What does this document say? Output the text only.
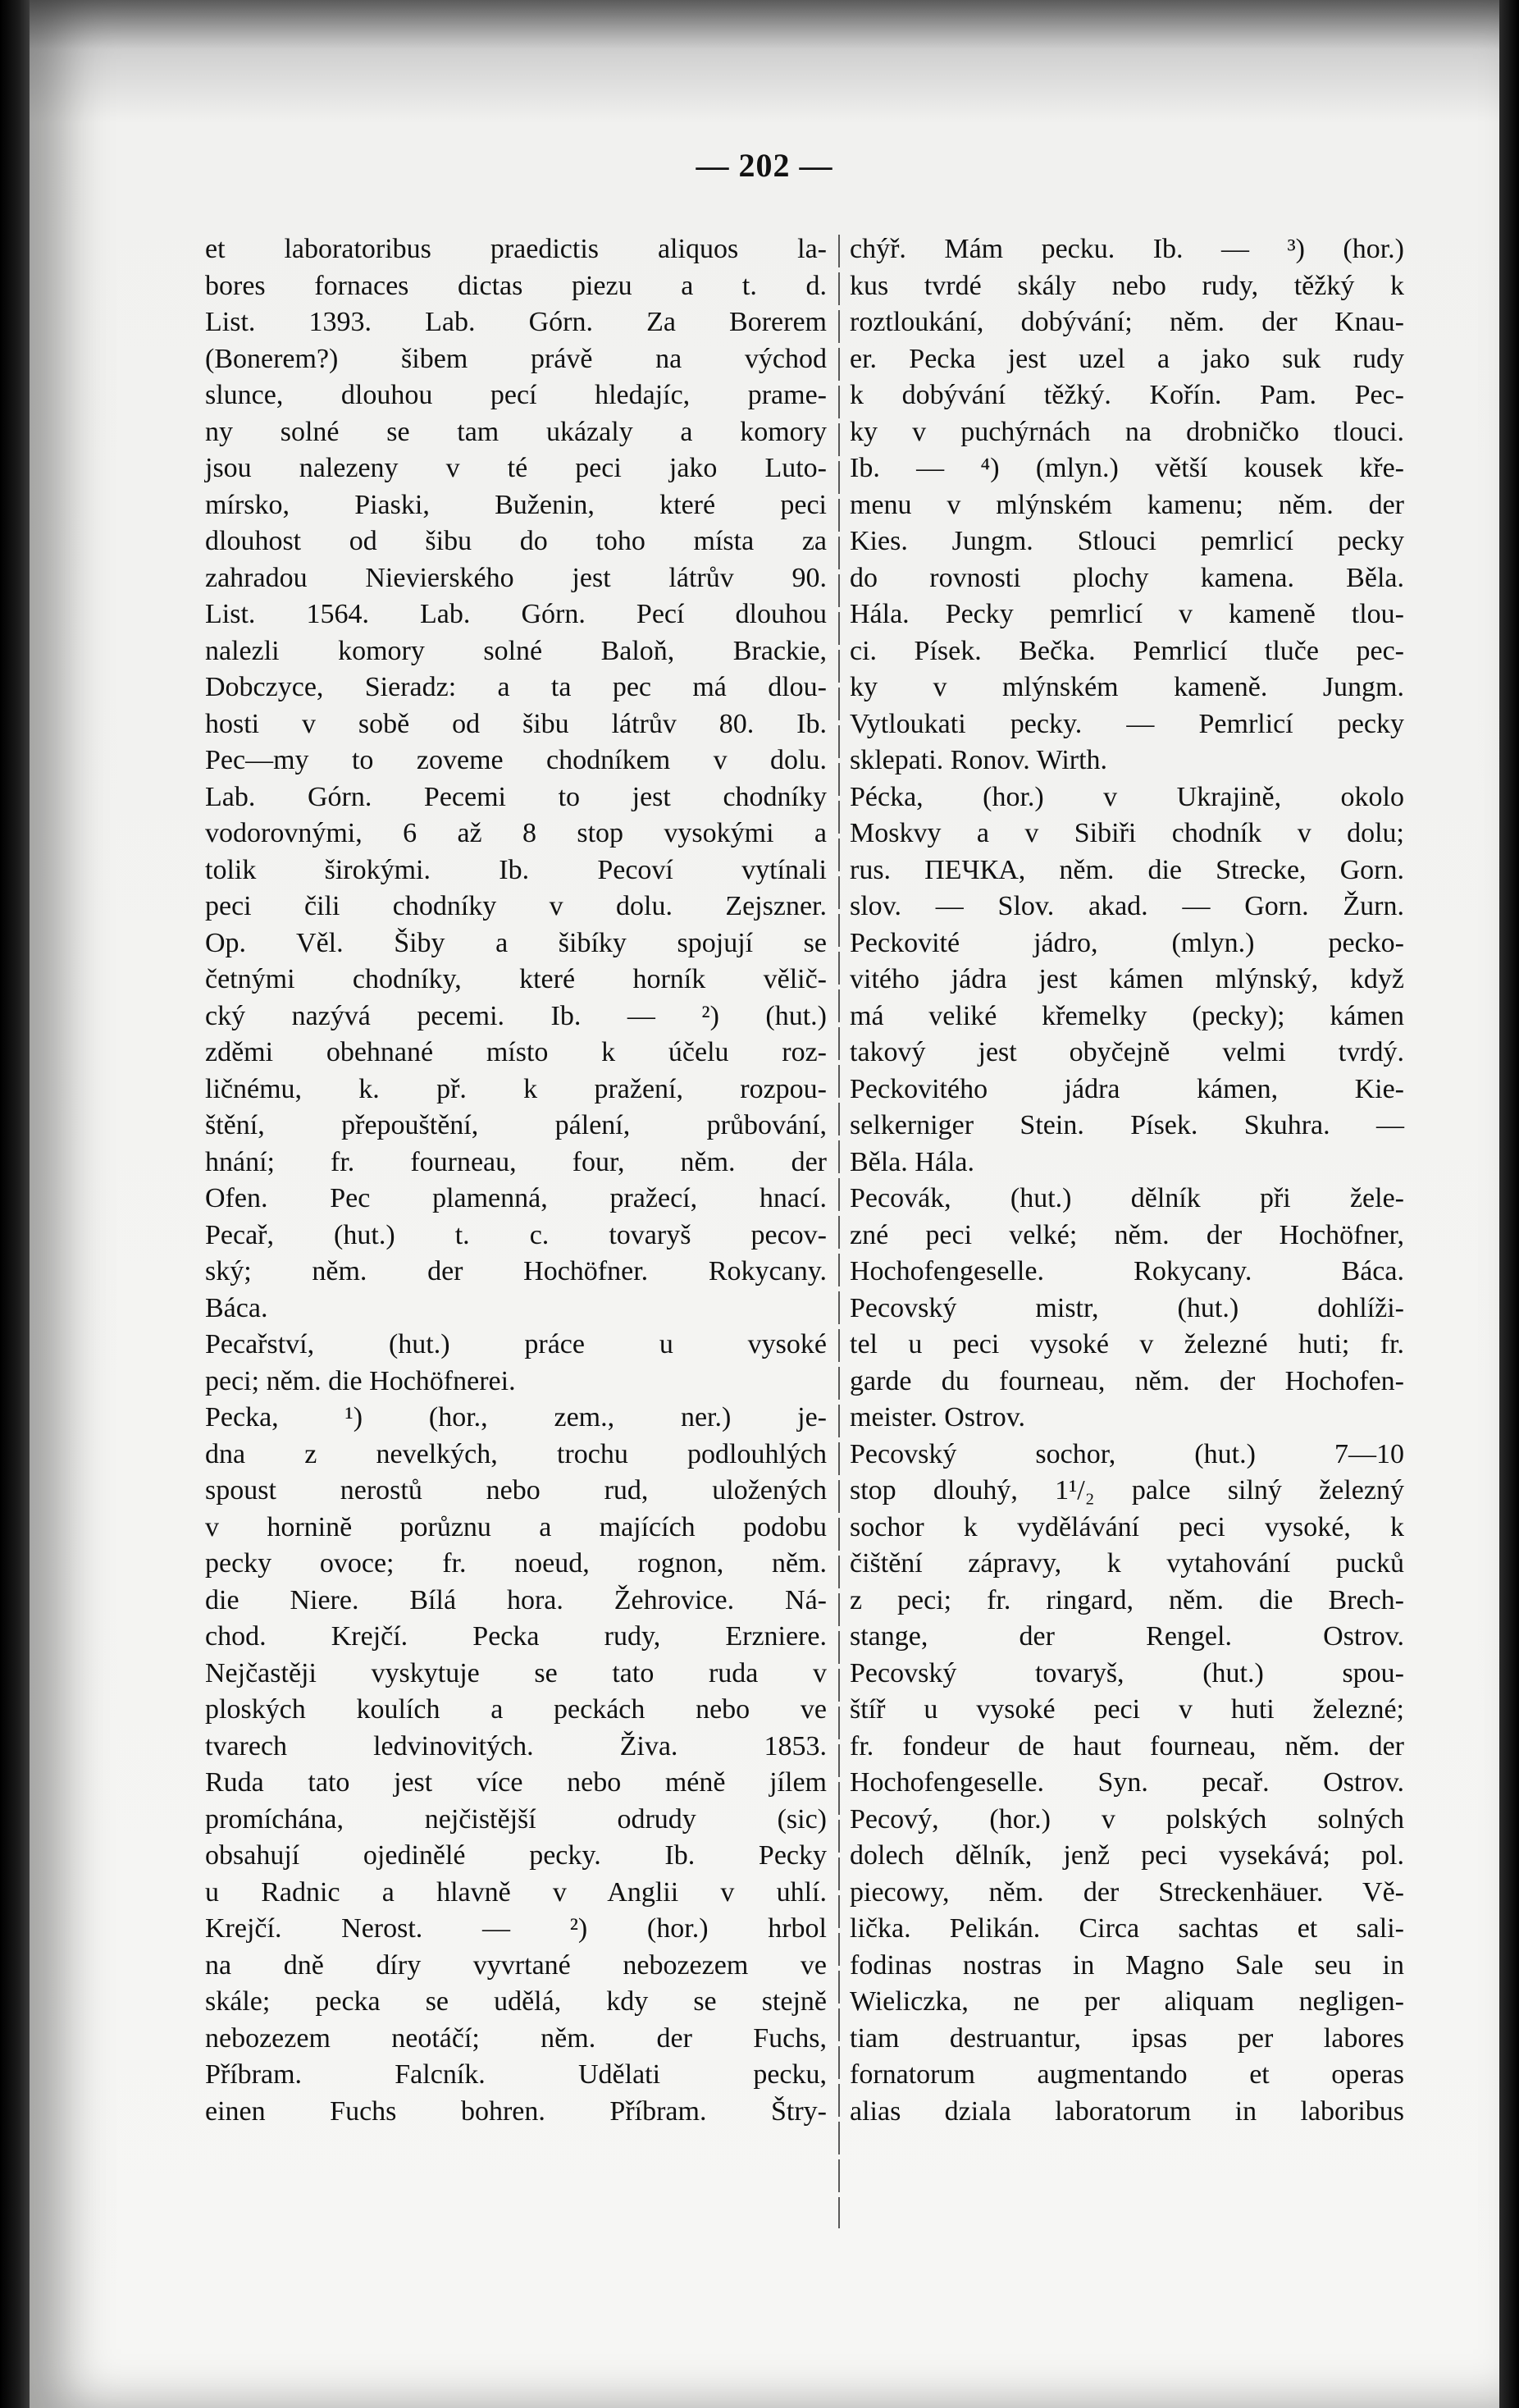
— 202 —
et laboratoribus praedictis aliquos la-
bores fornaces dictas piezu a t. d.
List. 1393. Lab. Górn. Za Borerem
(Bonerem?) šibem právě na východ
slunce, dlouhou pecí hledajíc, prame-
ny solné se tam ukázaly a komory
jsou nalezeny v té peci jako Luto-
mírsko, Piaski, Buženin, které peci
dlouhost od šibu do toho místa za
zahradou Nievierského jest látrův 90.
List. 1564. Lab. Górn. Pecí dlouhou
nalezli komory solné Baloň, Brackie,
Dobczyce, Sieradz: a ta pec má dlou-
hosti v sobě od šibu látrův 80. Ib.
Pec—my to zoveme chodníkem v dolu.
Lab. Górn. Pecemi to jest chodníky
vodorovnými, 6 až 8 stop vysokými a
tolik širokými. Ib. Pecoví vytínali
peci čili chodníky v dolu. Zejszner.
Op. Věl. Šiby a šibíky spojují se
četnými chodníky, které horník vělič-
cký nazývá pecemi. Ib. — ²) (hut.)
zděmi obehnané místo k účelu roz-
ličnému, k. př. k pražení, rozpou-
štění, přepouštění, pálení, průbování,
hnání; fr. fourneau, four, něm. der
Ofen. Pec plamenná, pražecí, hnací.
Pecař, (hut.) t. c. tovaryš pecov-
ský; něm. der Hochöfner. Rokycany.
Báca.
Pecařství, (hut.) práce u vysoké
peci; něm. die Hochöfnerei.
Pecka, ¹) (hor., zem., ner.) je-
dna z nevelkých, trochu podlouhlých
spoust nerostů nebo rud, uložených
v horninĕ porůznu a majících podobu
pecky ovoce; fr. noeud, rognon, něm.
die Niere. Bílá hora. Žehrovice. Ná-
chod. Krejčí. Pecka rudy, Erzniere.
Nejčastěji vyskytuje se tato ruda v
ploských koulích a peckách nebo ve
tvarech ledvinovitých. Živa. 1853.
Ruda tato jest více nebo méně jílem
promíchána, nejčistější odrudy (sic)
obsahují ojedinělé pecky. Ib. Pecky
u Radnic a hlavně v Anglii v uhlí.
Krejčí. Nerost. — ²) (hor.) hrbol
na dně díry vyvrtané nebozezem ve
skále; pecka se udělá, kdy se stejně
nebozezem neotáčí; něm. der Fuchs,
Příbram. Falcník. Udělati pecku,
einen Fuchs bohren. Příbram. Štry-
chýř. Mám pecku. Ib. — ³) (hor.)
kus tvrdé skály nebo rudy, těžký k
roztloukání, dobývání; něm. der Knau-
er. Pecka jest uzel a jako suk rudy
k dobývání těžký. Kořín. Pam. Pec-
ky v puchýrnách na drobničko tlouci.
Ib. — ⁴) (mlyn.) větší kousek kře-
menu v mlýnském kamenu; něm. der
Kies. Jungm. Stlouci pemrlicí pecky
do rovnosti plochy kamena. Běla.
Hála. Pecky pemrlicí v kameně tlou-
ci. Písek. Bečka. Pemrlicí tluče pec-
ky v mlýnském kameně. Jungm.
Vytloukati pecky. — Pemrlicí pecky
sklepati. Ronov. Wirth.
Pécka, (hor.) v Ukrajině, okolo
Moskvy a v Sibiři chodník v dolu;
rus. ПЕЧКА, něm. die Strecke, Gorn.
slov. — Slov. akad. — Gorn. Žurn.
Peckovité jádro, (mlyn.) pecko-
vitého jádra jest kámen mlýnský, když
má veliké křemelky (pecky); kámen
takový jest obyčejně velmi tvrdý.
Peckovitého jádra kámen, Kie-
selkerniger Stein. Písek. Skuhra. —
Běla. Hála.
Pecovák, (hut.) dělník při žele-
zné peci velké; něm. der Hochöfner,
Hochofengeselle. Rokycany. Báca.
Pecovský mistr, (hut.) dohlíži-
tel u peci vysoké v železné huti; fr.
garde du fourneau, něm. der Hochofen-
meister. Ostrov.
Pecovský sochor, (hut.) 7—10
stop dlouhý, 1¹/₂ palce silný železný
sochor k vydělávání peci vysoké, k
čištění zápravy, k vytahování pucků
z peci; fr. ringard, něm. die Brech-
stange, der Rengel. Ostrov.
Pecovský tovaryš, (hut.) spou-
štíř u vysoké peci v huti železné;
fr. fondeur de haut fourneau, něm. der
Hochofengeselle. Syn. pecař. Ostrov.
Pecový, (hor.) v polských solných
dolech dělník, jenž peci vysekává; pol.
piecowy, něm. der Streckenhäuer. Vě-
lička. Pelikán. Circa sachtas et sali-
fodinas nostras in Magno Sale seu in
Wieliczka, ne per aliquam negligen-
tiam destruantur, ipsas per labores
fornatorum augmentando et operas
alias dziala laboratorum in laboribus
